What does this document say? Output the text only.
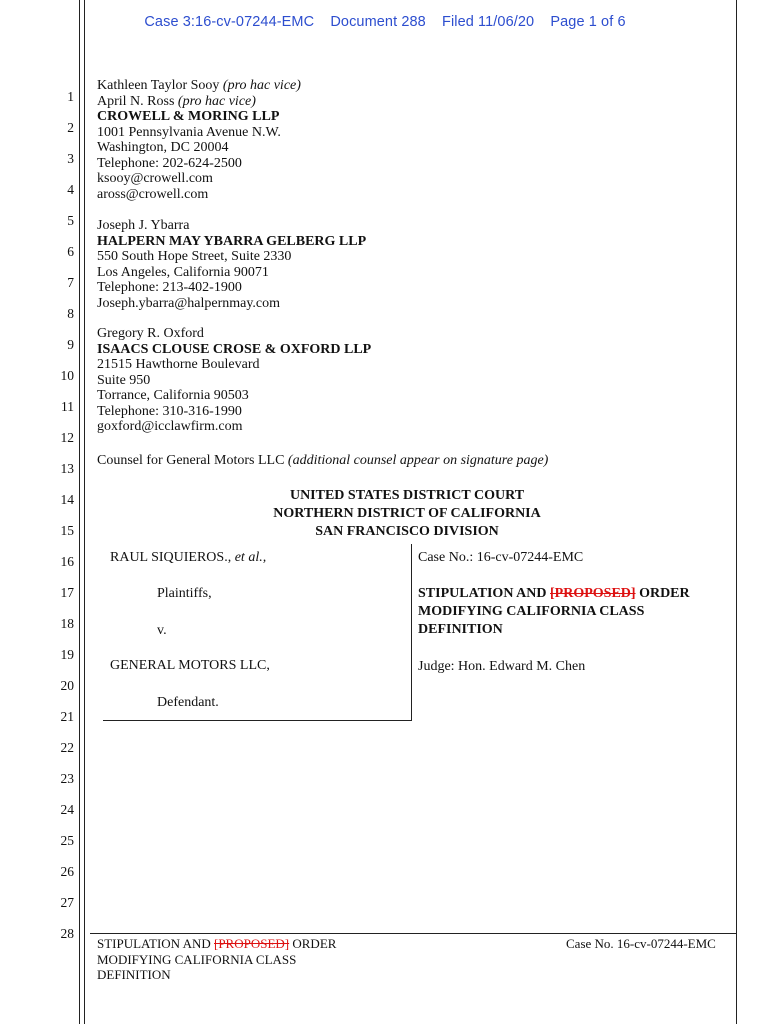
Case 3:16-cv-07244-EMC Document 288 Filed 11/06/20 Page 1 of 6
1
2
3
4
5
6
7
8
9
10
11
12
13
14
15
16
17
18
19
20
21
22
23
24
25
26
27
28
Kathleen Taylor Sooy (pro hac vice)
April N. Ross (pro hac vice)
CROWELL & MORING LLP
1001 Pennsylvania Avenue N.W.
Washington, DC 20004
Telephone: 202-624-2500
ksooy@crowell.com
aross@crowell.com
Joseph J. Ybarra
HALPERN MAY YBARRA GELBERG LLP
550 South Hope Street, Suite 2330
Los Angeles, California 90071
Telephone: 213-402-1900
Joseph.ybarra@halpernmay.com
Gregory R. Oxford
ISAACS CLOUSE CROSE & OXFORD LLP
21515 Hawthorne Boulevard
Suite 950
Torrance, California 90503
Telephone: 310-316-1990
goxford@icclawfirm.com
Counsel for General Motors LLC (additional counsel appear on signature page)
UNITED STATES DISTRICT COURT
NORTHERN DISTRICT OF CALIFORNIA
SAN FRANCISCO DIVISION
RAUL SIQUIEROS., et al.,
Plaintiffs,
v.
GENERAL MOTORS LLC,
Defendant.
Case No.: 16-cv-07244-EMC
STIPULATION AND [PROPOSED] ORDER
MODIFYING CALIFORNIA CLASS
DEFINITION
Judge: Hon. Edward M. Chen
STIPULATION AND [PROPOSED] ORDER
MODIFYING CALIFORNIA CLASS
DEFINITION
Case No. 16-cv-07244-EMC
